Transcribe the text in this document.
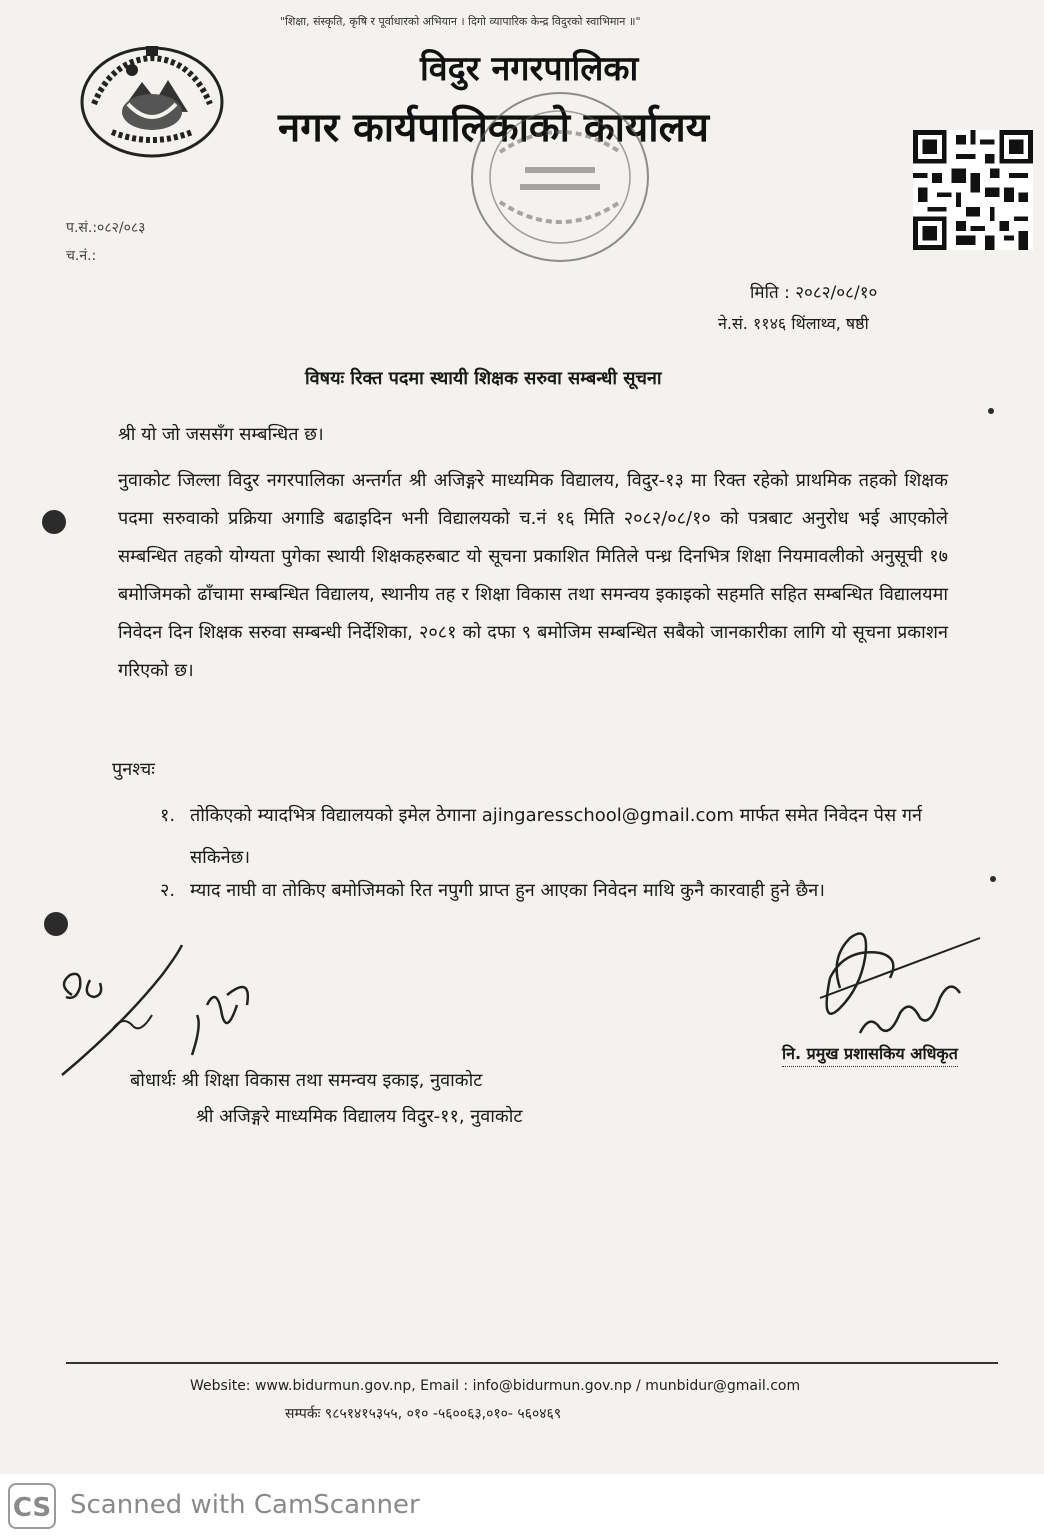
"शिक्षा, संस्कृति, कृषि र पूर्वाधारको अभियान । दिगो व्यापारिक केन्द्र विदुरको स्वाभिमान ॥"
विदुर नगरपालिका
नगर कार्यपालिकाको कार्यालय
प.सं.:०८२/०८३
च.नं.:
मिति : २०८२/०८/१०
ने.सं. ११४६ थिंलाथ्व, षष्ठी
विषयः रिक्त पदमा स्थायी शिक्षक सरुवा सम्बन्धी सूचना
श्री यो जो जससँग सम्बन्धित छ।
नुवाकोट जिल्ला विदुर नगरपालिका अन्तर्गत श्री अजिङ्गरे माध्यमिक विद्यालय, विदुर-१३ मा रिक्त रहेको प्राथमिक तहको शिक्षक पदमा सरुवाको प्रक्रिया अगाडि बढाइदिन भनी विद्यालयको च.नं १६ मिति २०८२/०८/१० को पत्रबाट अनुरोध भई आएकोले सम्बन्धित तहको योग्यता पुगेका स्थायी शिक्षकहरुबाट यो सूचना प्रकाशित मितिले पन्ध्र दिनभित्र शिक्षा नियमावलीको अनुसूची १७ बमोजिमको ढाँचामा सम्बन्धित विद्यालय, स्थानीय तह र शिक्षा विकास तथा समन्वय इकाइको सहमति सहित सम्बन्धित विद्यालयमा निवेदन दिन शिक्षक सरुवा सम्बन्धी निर्देशिका, २०८१ को दफा ९ बमोजिम सम्बन्धित सबैको जानकारीका लागि यो सूचना प्रकाशन गरिएको छ।
पुनश्चः
१. तोकिएको म्यादभित्र विद्यालयको इमेल ठेगाना ajingaresschool@gmail.com मार्फत समेत निवेदन पेस गर्न सकिनेछ।
२. म्याद नाघी वा तोकिए बमोजिमको रित नपुगी प्राप्त हुन आएका निवेदन माथि कुनै कारवाही हुने छैन।
नि. प्रमुख प्रशासकिय अधिकृत
बोधार्थः श्री शिक्षा विकास तथा समन्वय इकाइ, नुवाकोट
श्री अजिङ्गरे माध्यमिक विद्यालय विदुर-११, नुवाकोट
Website: www.bidurmun.gov.np, Email : info@bidurmun.gov.np / munbidur@gmail.com
सम्पर्कः ९८५१४१५३५५, ०१० -५६००६३,०१०- ५६०४६९
CS Scanned with CamScanner
